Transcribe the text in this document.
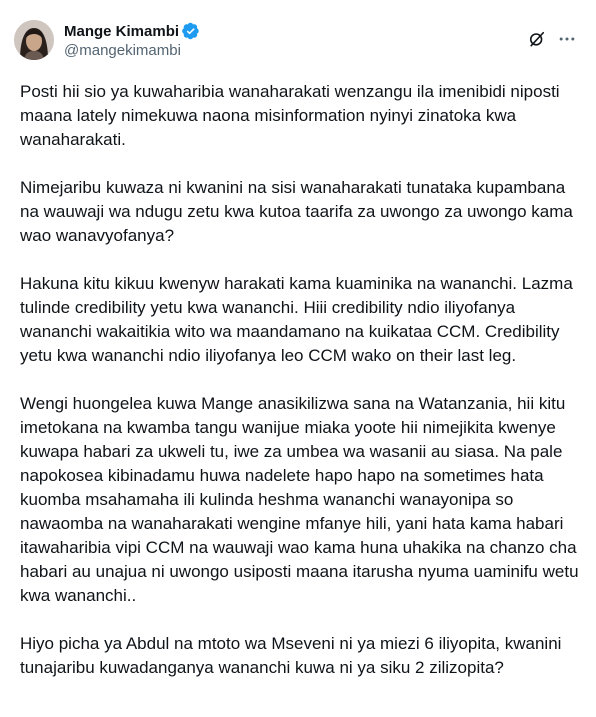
Mange Kimambi
@mangekimambi

Posti hii sio ya kuwaharibia wanaharakati wenzangu ila imenibidi niposti maana lately nimekuwa naona misinformation nyinyi zinatoka kwa wanaharakati.

Nimejaribu kuwaza ni kwanini na sisi wanaharakati tunataka kupambana na wauwaji wa ndugu zetu kwa kutoa taarifa za uwongo za uwongo kama wao wanavyofanya?

Hakuna kitu kikuu kwenyw harakati kama kuaminika na wananchi. Lazma tulinde credibility yetu kwa wananchi. Hiii credibility ndio iliyofanya wananchi wakaitikia wito wa maandamano na kuikataa CCM. Credibility yetu kwa wananchi ndio iliyofanya leo CCM wako on their last leg.

Wengi huongelea kuwa Mange anasikilizwa sana na Watanzania, hii kitu imetokana na kwamba tangu wanijue miaka yoote hii nimejikita kwenye kuwapa habari za ukweli tu, iwe za umbea wa wasanii au siasa. Na pale napokosea kibinadamu huwa nadelete hapo hapo na sometimes hata kuomba msahamaha ili kulinda heshma wananchi wanayonipa so nawaomba na wanaharakati wengine mfanye hili, yani hata kama habari itawaharibia vipi CCM na wauwaji wao kama huna uhakika na chanzo cha habari au unajua ni uwongo usiposti maana itarusha nyuma uaminifu wetu kwa wananchi..

Hiyo picha ya Abdul na mtoto wa Mseveni ni ya miezi 6 iliyopita, kwanini tunajaribu kuwadanganya wananchi kuwa ni ya siku 2 zilizopita?
